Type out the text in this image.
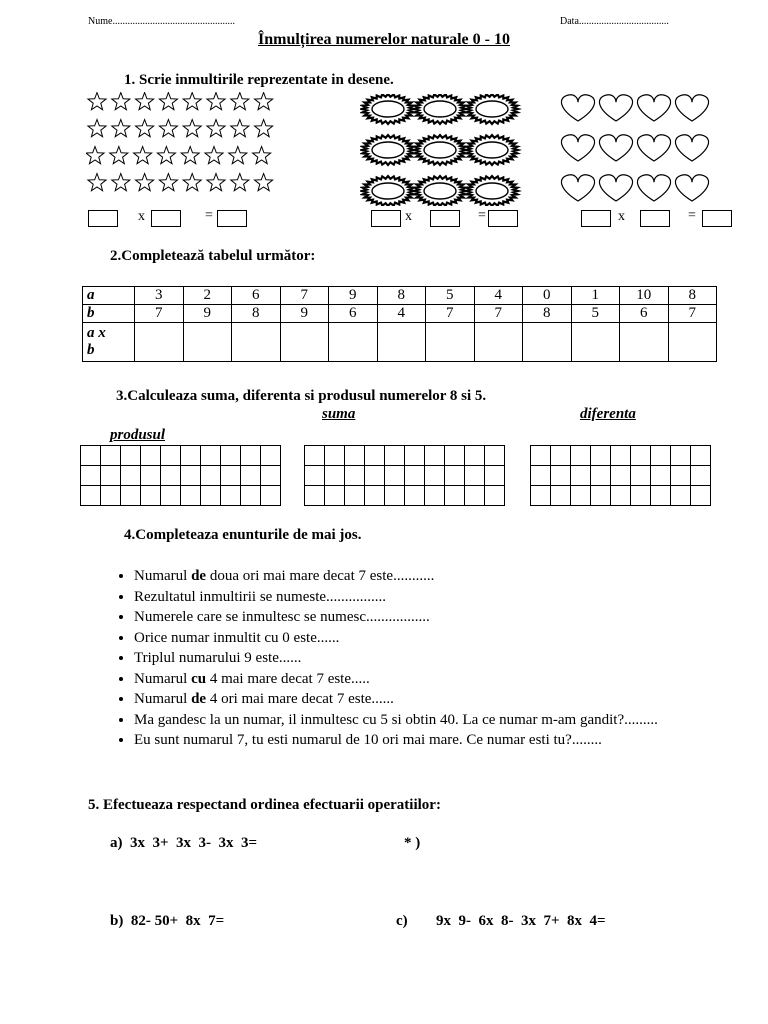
Nume.................................................	Data....................................
Înmulțirea numerelor naturale 0 - 10
1. Scrie inmultirile reprezentate in desene.
x	=	x	=	x	=
2.Completează tabelul următor:
a	3	2	6	7	9	8	5	4	0	1	10	8
b	7	9	8	9	6	4	7	7	8	5	6	7
a x
b												
3.Calculeaza suma, diferenta si produsul numerelor 8 si 5.
suma	diferenta
produsul

4.Completeaza enunturile de mai jos.
• Numarul de doua ori mai mare decat 7 este...........
• Rezultatul inmultirii se numeste................
• Numerele care se inmultesc se numesc.................
• Orice numar inmultit cu 0 este......
• Triplul numarului 9 este......
• Numarul cu 4 mai mare decat 7 este.....
• Numarul de 4 ori mai mare decat 7 este......
• Ma gandesc la un numar, il inmultesc cu 5 si obtin 40. La ce numar m-am gandit?.........
• Eu sunt numarul 7, tu esti numarul de 10 ori mai mare. Ce numar esti tu?........
5. Efectueaza respectand ordinea efectuarii operatiilor:
a)  3x  3+  3x  3-  3x  3=	* )
b)  82- 50+  8x  7=	c) 9x  9-  6x  8-  3x  7+  8x  4=
